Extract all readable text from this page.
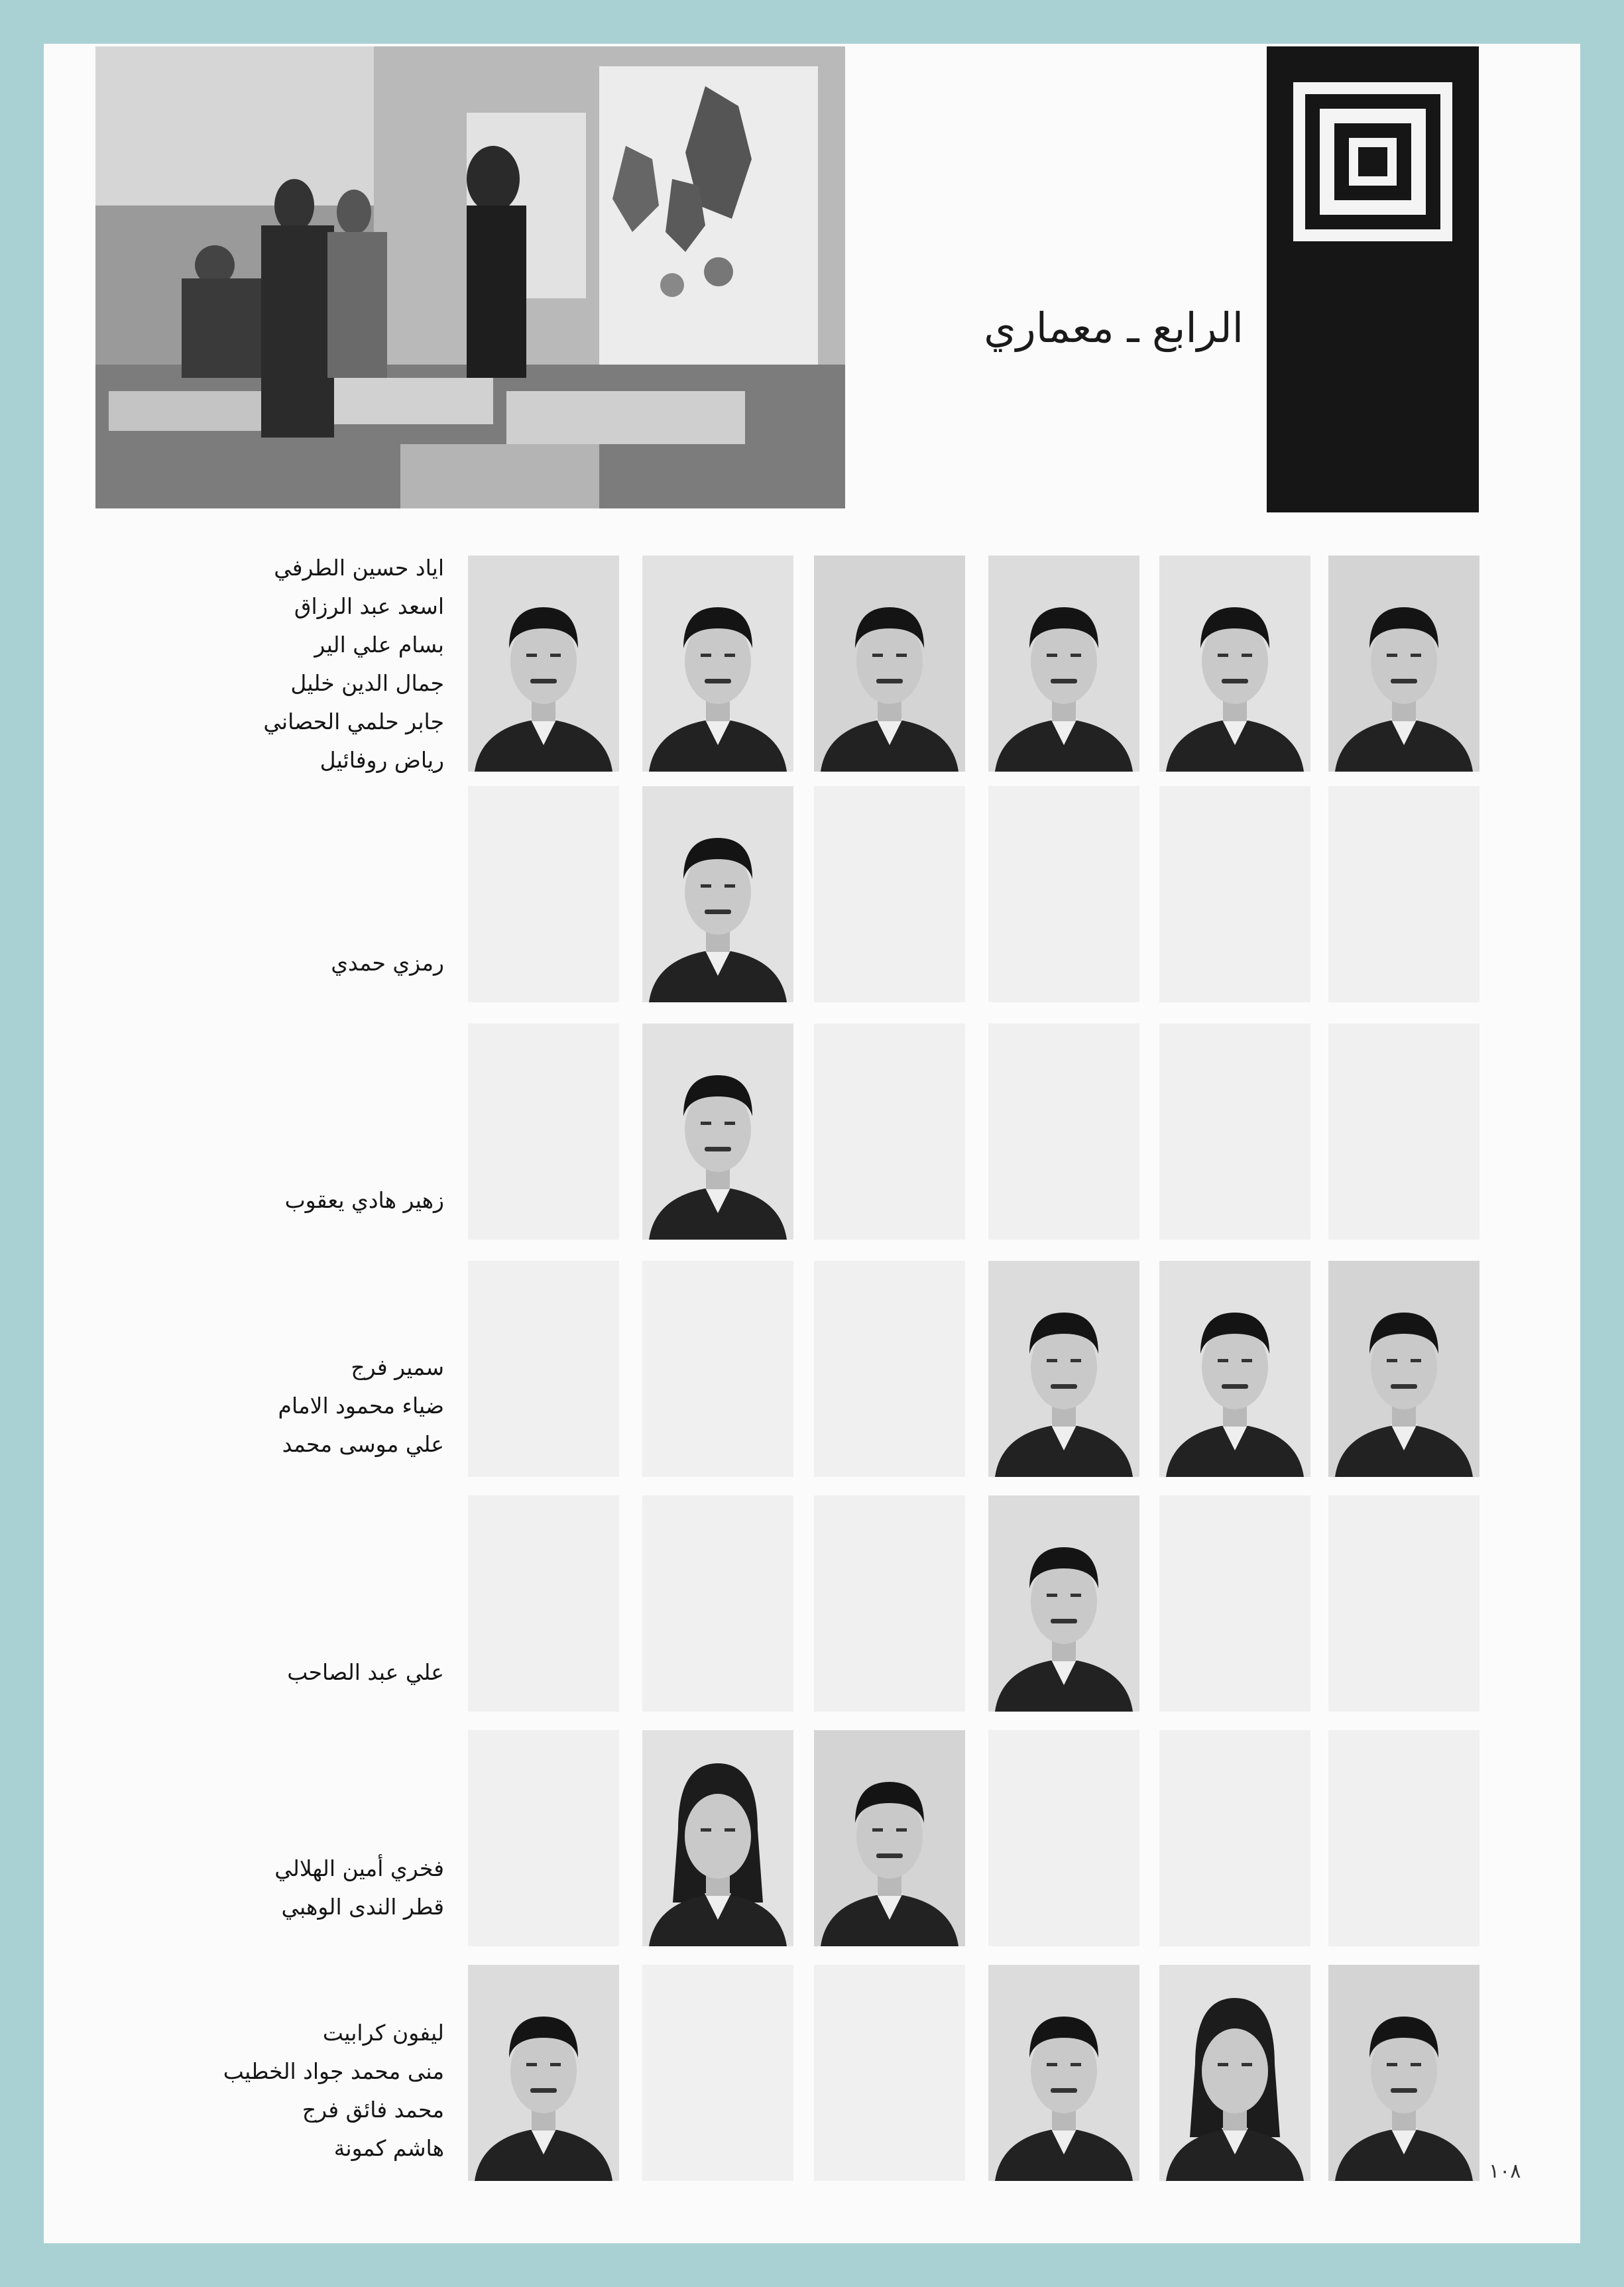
الرابع ـ معماري
١٠٨
اياد حسين الطرفي
اسعد عبد الرزاق
بسام علي الير
جمال الدين خليل
جابر حلمي الحصاني
رياض روفائيل
رمزي حمدي
زهير هادي يعقوب
سمير فرج
ضياء محمود الامام
علي موسى محمد
علي عبد الصاحب
فخري أمين الهلالي
قطر الندى الوهبي
ليفون كرابيت
منى محمد جواد الخطيب
محمد فائق فرج
هاشم كمونة
